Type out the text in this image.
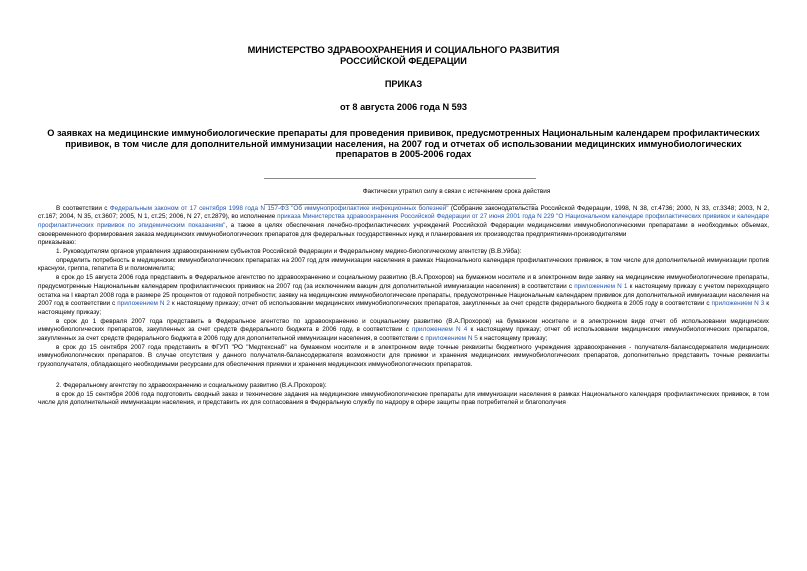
МИНИСТЕРСТВО ЗДРАВООХРАНЕНИЯ И СОЦИАЛЬНОГО РАЗВИТИЯ
РОССИЙСКОЙ ФЕДЕРАЦИИ
ПРИКАЗ
от 8 августа 2006 года N 593
О заявках на медицинские иммунобиологические препараты для проведения прививок, предусмотренных Национальным календарем профилактических прививок, в том числе для дополнительной иммунизации населения, на 2007 год и отчетах об использовании медицинских иммунобиологических препаратов в 2005-2006 годах
Фактически утратил силу в связи с истечением срока действия

В соответствии с Федеральным законом от 17 сентября 1998 года N 157-ФЗ "Об иммунопрофилактике инфекционных болезней" (Собрание законодательства Российской Федерации, 1998, N 38, ст.4736; 2000, N 33, ст.3348; 2003, N 2, ст.167; 2004, N 35, ст.3607; 2005, N 1, ст.25; 2006, N 27, ст.2879), во исполнение приказа Министерства здравоохранения Российской Федерации от 27 июня 2001 года N 229 "О Национальном календаре профилактических прививок и календаре профилактических прививок по эпидемическим показаниям", а также в целях обеспечения лечебно-профилактических учреждений Российской Федерации медицинскими иммунобиологическими препаратами в необходимых объемах, своевременного формирования заказа медицинских иммунобиологических препаратов для федеральных государственных нужд и планирования их производства предприятиями-производителями

приказываю:

1. Руководителям органов управления здравоохранением субъектов Российской Федерации и Федеральному медико-биологическому агентству (В.В.Уйба):

определить потребность в медицинских иммунобиологических препаратах на 2007 год для иммунизации населения в рамках Национального календаря профилактических прививок, в том числе для дополнительной иммунизации против краснухи, гриппа, гепатита В и полиомиелита;

в срок до 15 августа 2006 года представить в Федеральное агентство по здравоохранению и социальному развитию (В.А.Прохоров) на бумажном носителе и в электронном виде заявку на медицинские иммунобиологические препараты, предусмотренные Национальным календарем профилактических прививок на 2007 год (за исключением вакцин для дополнительной иммунизации населения) в соответствии с приложением N 1 к настоящему приказу с учетом переходящего остатка на I квартал 2008 года в размере 25 процентов от годовой потребности; заявку на медицинские иммунобиологические препараты, предусмотренные Национальным календарем прививок для дополнительной иммунизации населения на 2007 год в соответствии с приложением N 2 к настоящему приказу; отчет об использовании медицинских иммунобиологических препаратов, закупленных за счет средств федерального бюджета в 2005 году в соответствии с приложением N 3 к настоящему приказу;

в срок до 1 февраля 2007 года представить в Федеральное агентство по здравоохранению и социальному развитию (В.А.Прохоров) на бумажном носителе и в электронном виде отчет об использовании медицинских иммунобиологических препаратов, закупленных за счет средств федерального бюджета в 2006 году, в соответствии с приложением N 4 к настоящему приказу; отчет об использовании медицинских иммунобиологических препаратов, закупленных за счет средств федерального бюджета в 2006 году для дополнительной иммунизации населения, в соответствии с приложением N 5 к настоящему приказу;

в срок до 15 сентября 2007 года представить в ФГУП "РО "Медтехснаб" на бумажном носителе и в электронном виде точные реквизиты бюджетного учреждения здравоохранения - получателя-балансодержателя медицинских иммунобиологических препаратов. В случае отсутствия у данного получателя-балансодержателя возможности для приемки и хранения медицинских иммунобиологических препаратов, дополнительно представить точные реквизиты грузополучателя, обладающего необходимыми ресурсами для обеспечения приемки и хранения медицинских иммунобиологических препаратов.

2. Федеральному агентству по здравоохранению и социальному развитию (В.А.Прохоров):

в срок до 15 сентября 2006 года подготовить сводный заказ и технические задания на медицинские иммунобиологические препараты для иммунизации населения в рамках Национального календаря профилактических прививок, в том числе для дополнительной иммунизации населения, и представить их для согласования в Федеральную службу по надзору в сфере защиты прав потребителей и благополучия
